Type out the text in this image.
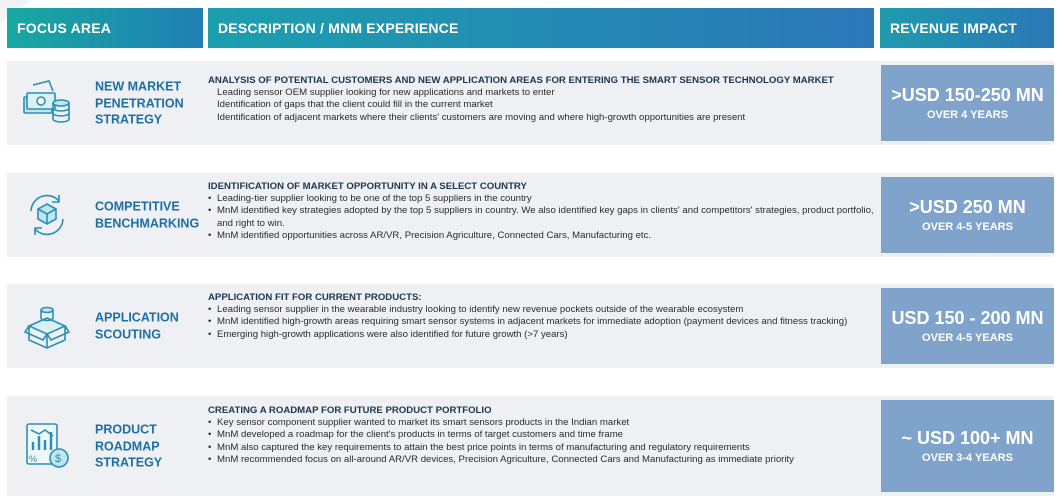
FOCUS AREA	DESCRIPTION / MNM EXPERIENCE	REVENUE IMPACT
NEW MARKET PENETRATION STRATEGY
ANALYSIS OF POTENTIAL CUSTOMERS AND NEW APPLICATION AREAS FOR ENTERING THE SMART SENSOR TECHNOLOGY MARKET
Leading sensor OEM supplier looking for new applications and markets to enter
Identification of gaps that the client could fill in the current market
Identification of adjacent markets where their clients' customers are moving and where high-growth opportunities are present
>USD 150-250 MN
OVER 4 YEARS
COMPETITIVE BENCHMARKING
IDENTIFICATION OF MARKET OPPORTUNITY IN A SELECT COUNTRY
• Leading-tier supplier looking to be one of the top 5 suppliers in the country
• MnM identified key strategies adopted by the top 5 suppliers in country. We also identified key gaps in clients' and competitors' strategies, product portfolio, and right to win.
• MnM identified opportunities across AR/VR, Precision Agriculture, Connected Cars, Manufacturing etc.
>USD 250 MN
OVER 4-5 YEARS
APPLICATION SCOUTING
APPLICATION FIT FOR CURRENT PRODUCTS:
• Leading sensor supplier in the wearable industry looking to identify new revenue pockets outside of the wearable ecosystem
• MnM identified high-growth areas requiring smart sensor systems in adjacent markets for immediate adoption (payment devices and fitness tracking)
• Emerging high-growth applications were also identified for future growth (>7 years)
USD 150 - 200 MN
OVER 4-5 YEARS
% $
PRODUCT ROADMAP STRATEGY
CREATING A ROADMAP FOR FUTURE PRODUCT PORTFOLIO
• Key sensor component supplier wanted to market its smart sensors products in the Indian market
• MnM developed a roadmap for the client's products in terms of target customers and time frame
• MnM also captured the key requirements to attain the best price points in terms of manufacturing and regulatory requirements
• MnM recommended focus on all-around AR/VR devices, Precision Agriculture, Connected Cars and Manufacturing as immediate priority
~ USD 100+ MN
OVER 3-4 YEARS
